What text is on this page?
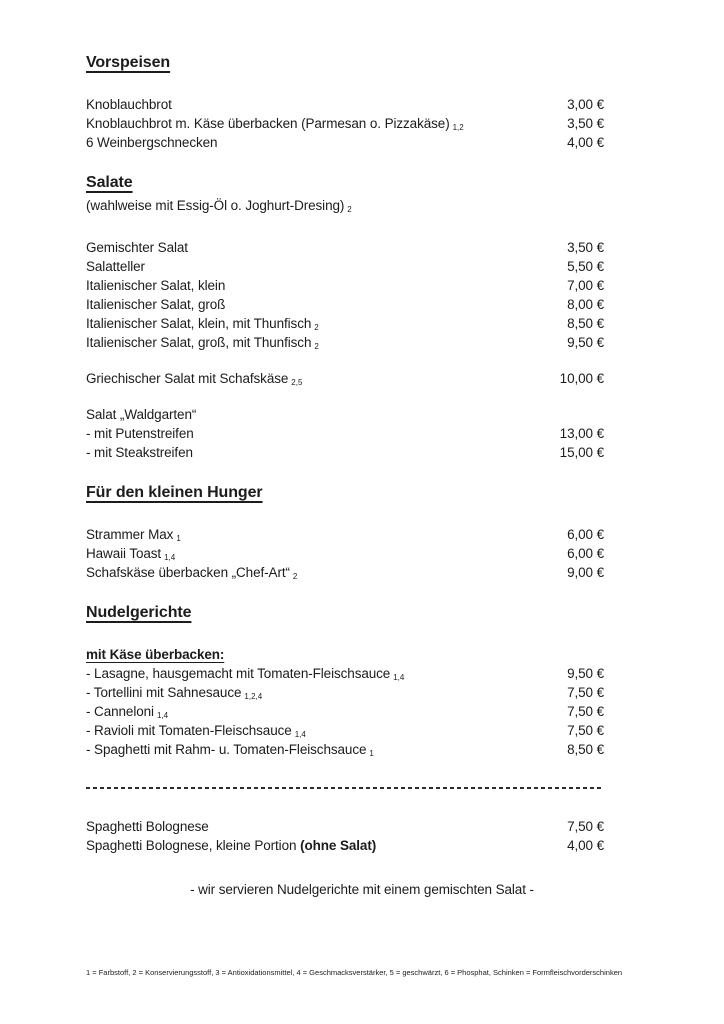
Vorspeisen
Knoblauchbrot	3,00 €
Knoblauchbrot m. Käse überbacken (Parmesan o. Pizzakäse) $_{1,2}$	3,50 €
6 Weinbergschnecken	4,00 €
Salate
(wahlweise mit Essig-Öl o. Joghurt-Dresing) $_2$
Gemischter Salat	3,50 €
Salatteller	5,50 €
Italienischer Salat, klein	7,00 €
Italienischer Salat, groß	8,00 €
Italienischer Salat, klein, mit Thunfisch $_2$	8,50 €
Italienischer Salat, groß, mit Thunfisch $_2$	9,50 €
Griechischer Salat mit Schafskäse $_{2,5}$	10,00 €
Salat „Waldgarten“
- mit Putenstreifen	13,00 €
- mit Steakstreifen	15,00 €
Für den kleinen Hunger
Strammer Max $_1$	6,00 €
Hawaii Toast $_{1,4}$	6,00 €
Schafskäse überbacken „Chef-Art“ $_2$	9,00 €
Nudelgerichte
mit Käse überbacken:
- Lasagne, hausgemacht mit Tomaten-Fleischsauce $_{1,4}$	9,50 €
- Tortellini mit Sahnesauce $_{1,2,4}$	7,50 €
- Canneloni $_{1,4}$	7,50 €
- Ravioli mit Tomaten-Fleischsauce $_{1,4}$	7,50 €
- Spaghetti mit Rahm- u. Tomaten-Fleischsauce $_1$	8,50 €
Spaghetti Bolognese	7,50 €
Spaghetti Bolognese, kleine Portion (ohne Salat)	4,00 €
- wir servieren Nudelgerichte mit einem gemischten Salat -
1 = Farbstoff, 2 = Konservierungsstoff, 3 = Antioxidationsmittel, 4 = Geschmacksverstärker, 5 = geschwärzt, 6 = Phosphat, Schinken = Formfleischvorderschinken
